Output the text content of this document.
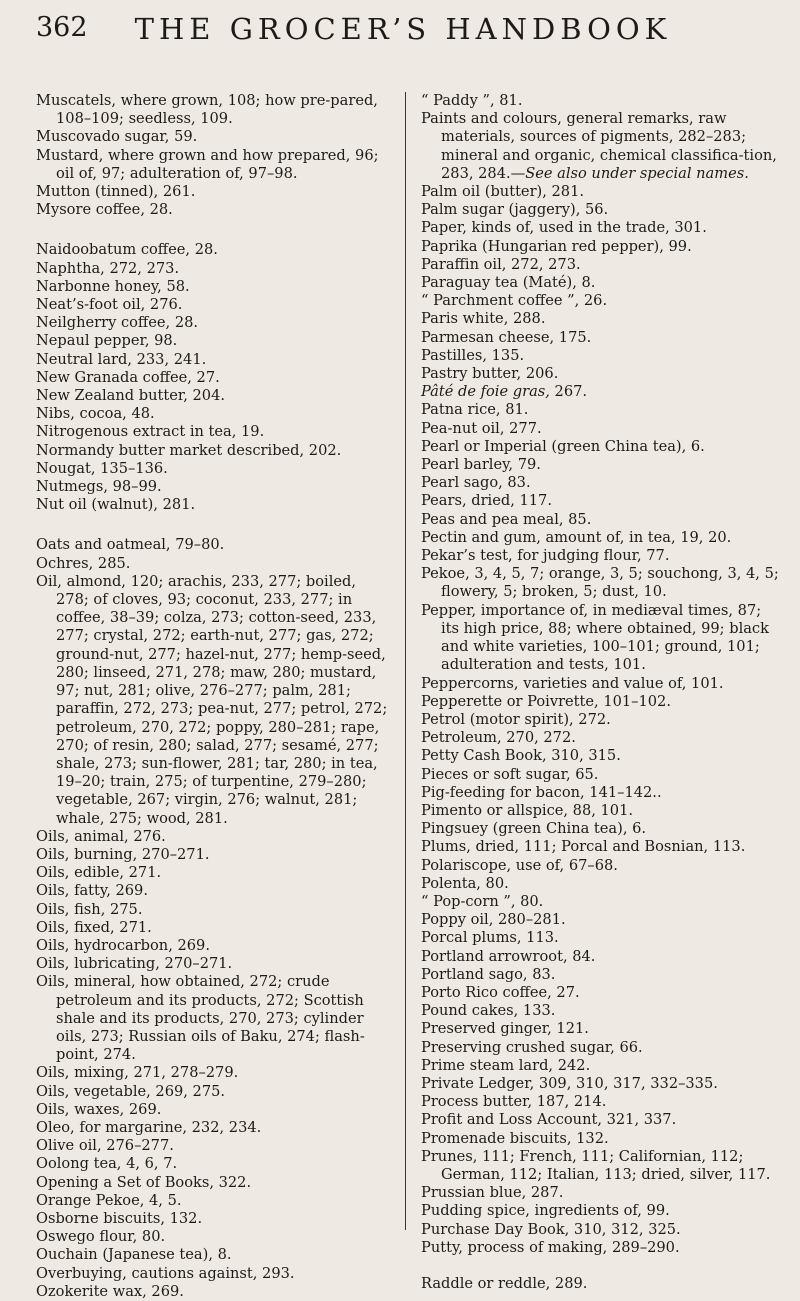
362	THE GROCER’S HANDBOOK

Muscatels, where grown, 108; how pre-pared, 108–109; seedless, 109.

Muscovado sugar, 59.

Mustard, where grown and how prepared, 96; oil of, 97; adulteration of, 97–98.

Mutton (tinned), 261.

Mysore coffee, 28.

Naidoobatum coffee, 28.

Naphtha, 272, 273.

Narbonne honey, 58.

Neat’s-foot oil, 276.

Neilgherry coffee, 28.

Nepaul pepper, 98.

Neutral lard, 233, 241.

New Granada coffee, 27.

New Zealand butter, 204.

Nibs, cocoa, 48.

Nitrogenous extract in tea, 19.

Normandy butter market described, 202.

Nougat, 135–136.

Nutmegs, 98–99.

Nut oil (walnut), 281.

Oats and oatmeal, 79–80.

Ochres, 285.

Oil, almond, 120; arachis, 233, 277; boiled, 278; of cloves, 93; coconut, 233, 277; in coffee, 38–39; colza, 273; cotton-seed, 233, 277; crystal, 272; earth-nut, 277; gas, 272; ground-nut, 277; hazel-nut, 277; hemp-seed, 280; linseed, 271, 278; maw, 280; mustard, 97; nut, 281; olive, 276–277; palm, 281; paraffin, 272, 273; pea-nut, 277; petrol, 272; petroleum, 270, 272; poppy, 280–281; rape, 270; of resin, 280; salad, 277; sesamé, 277; shale, 273; sun-flower, 281; tar, 280; in tea, 19–20; train, 275; of turpentine, 279–280; vegetable, 267; virgin, 276; walnut, 281; whale, 275; wood, 281.

Oils, animal, 276.

Oils, burning, 270–271.

Oils, edible, 271.

Oils, fatty, 269.

Oils, fish, 275.

Oils, fixed, 271.

Oils, hydrocarbon, 269.

Oils, lubricating, 270–271.

Oils, mineral, how obtained, 272; crude petroleum and its products, 272; Scottish shale and its products, 270, 273; cylinder oils, 273; Russian oils of Baku, 274; flash-point, 274.

Oils, mixing, 271, 278–279.

Oils, vegetable, 269, 275.

Oils, waxes, 269.

Oleo, for margarine, 232, 234.

Olive oil, 276–277.

Oolong tea, 4, 6, 7.

Opening a Set of Books, 322.

Orange Pekoe, 4, 5.

Osborne biscuits, 132.

Oswego flour, 80.

Ouchain (Japanese tea), 8.

Overbuying, cautions against, 293.

Ozokerite wax, 269.

“ Paddy ”, 81.

Paints and colours, general remarks, raw materials, sources of pigments, 282–283; mineral and organic, chemical classifica-tion, 283, 284.—See also under special names.

Palm oil (butter), 281.

Palm sugar (jaggery), 56.

Paper, kinds of, used in the trade, 301.

Paprika (Hungarian red pepper), 99.

Paraffin oil, 272, 273.

Paraguay tea (Maté), 8.

“ Parchment coffee ”, 26.

Paris white, 288.

Parmesan cheese, 175.

Pastilles, 135.

Pastry butter, 206.

Pâté de foie gras, 267.

Patna rice, 81.

Pea-nut oil, 277.

Pearl or Imperial (green China tea), 6.

Pearl barley, 79.

Pearl sago, 83.

Pears, dried, 117.

Peas and pea meal, 85.

Pectin and gum, amount of, in tea, 19, 20.

Pekar’s test, for judging flour, 77.

Pekoe, 3, 4, 5, 7; orange, 3, 5; souchong, 3, 4, 5; flowery, 5; broken, 5; dust, 10.

Pepper, importance of, in mediæval times, 87; its high price, 88; where obtained, 99; black and white varieties, 100–101; ground, 101; adulteration and tests, 101.

Peppercorns, varieties and value of, 101.

Pepperette or Poivrette, 101–102.

Petrol (motor spirit), 272.

Petroleum, 270, 272.

Petty Cash Book, 310, 315.

Pieces or soft sugar, 65.

Pig-feeding for bacon, 141–142..

Pimento or allspice, 88, 101.

Pingsuey (green China tea), 6.

Plums, dried, 111; Porcal and Bosnian, 113.

Polariscope, use of, 67–68.

Polenta, 80.

“ Pop-corn ”, 80.

Poppy oil, 280–281.

Porcal plums, 113.

Portland arrowroot, 84.

Portland sago, 83.

Porto Rico coffee, 27.

Pound cakes, 133.

Preserved ginger, 121.

Preserving crushed sugar, 66.

Prime steam lard, 242.

Private Ledger, 309, 310, 317, 332–335.

Process butter, 187, 214.

Profit and Loss Account, 321, 337.

Promenade biscuits, 132.

Prunes, 111; French, 111; Californian, 112; German, 112; Italian, 113; dried, silver, 117.

Prussian blue, 287.

Pudding spice, ingredients of, 99.

Purchase Day Book, 310, 312, 325.

Putty, process of making, 289–290.

Raddle or reddle, 289.
